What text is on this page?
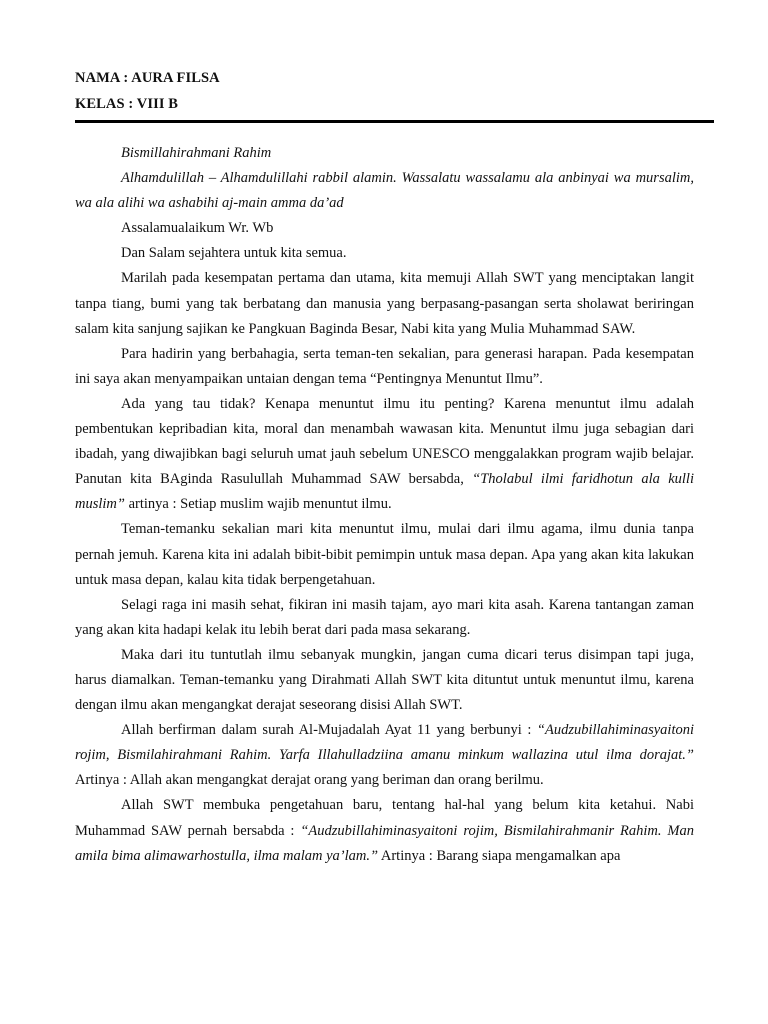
NAMA : AURA FILSA
KELAS : VIII B

Bismillahirahmani Rahim

Alhamdulillah – Alhamdulillahi rabbil alamin. Wassalatu wassalamu ala anbinyai wa mursalim, wa ala alihi wa ashabihi aj-main amma da’ad

Assalamualaikum Wr. Wb

Dan Salam sejahtera untuk kita semua.

Marilah pada kesempatan pertama dan utama, kita memuji Allah SWT yang menciptakan langit tanpa tiang, bumi yang tak berbatang dan manusia yang berpasang-pasangan serta sholawat beriringan salam kita sanjung sajikan ke Pangkuan Baginda Besar, Nabi kita yang Mulia Muhammad SAW.

Para hadirin yang berbahagia, serta teman-ten sekalian, para generasi harapan. Pada kesempatan ini saya akan menyampaikan untaian dengan tema “Pentingnya Menuntut Ilmu”.

Ada yang tau tidak? Kenapa menuntut ilmu itu penting? Karena menuntut ilmu adalah pembentukan kepribadian kita, moral dan menambah wawasan kita. Menuntut ilmu juga sebagian dari ibadah, yang diwajibkan bagi seluruh umat jauh sebelum UNESCO menggalakkan program wajib belajar. Panutan kita BAginda Rasulullah Muhammad SAW bersabda, “Tholabul ilmi faridhotun ala kulli muslim” artinya : Setiap muslim wajib menuntut ilmu.

Teman-temanku sekalian mari kita menuntut ilmu, mulai dari ilmu agama, ilmu dunia tanpa pernah jemuh. Karena kita ini adalah bibit-bibit pemimpin untuk masa depan. Apa yang akan kita lakukan untuk masa depan, kalau kita tidak berpengetahuan.

Selagi raga ini masih sehat, fikiran ini masih tajam, ayo mari kita asah. Karena tantangan zaman yang akan kita hadapi kelak itu lebih berat dari pada masa sekarang.

Maka dari itu tuntutlah ilmu sebanyak mungkin, jangan cuma dicari terus disimpan tapi juga, harus diamalkan. Teman-temanku yang Dirahmati Allah SWT kita dituntut untuk menuntut ilmu, karena dengan ilmu akan mengangkat derajat seseorang disisi Allah SWT.

Allah berfirman dalam surah Al-Mujadalah Ayat 11 yang berbunyi : “Audzubillahiminasyaitoni rojim, Bismilahirahmani Rahim. Yarfa Illahulladziina amanu minkum wallazina utul ilma dorajat.” Artinya : Allah akan mengangkat derajat orang yang beriman dan orang berilmu.

Allah SWT membuka pengetahuan baru, tentang hal-hal yang belum kita ketahui. Nabi Muhammad SAW pernah bersabda : “Audzubillahiminasyaitoni rojim, Bismilahirahmanir Rahim. Man amila bima alimawarhostulla, ilma malam ya’lam.” Artinya : Barang siapa mengamalkan apa
